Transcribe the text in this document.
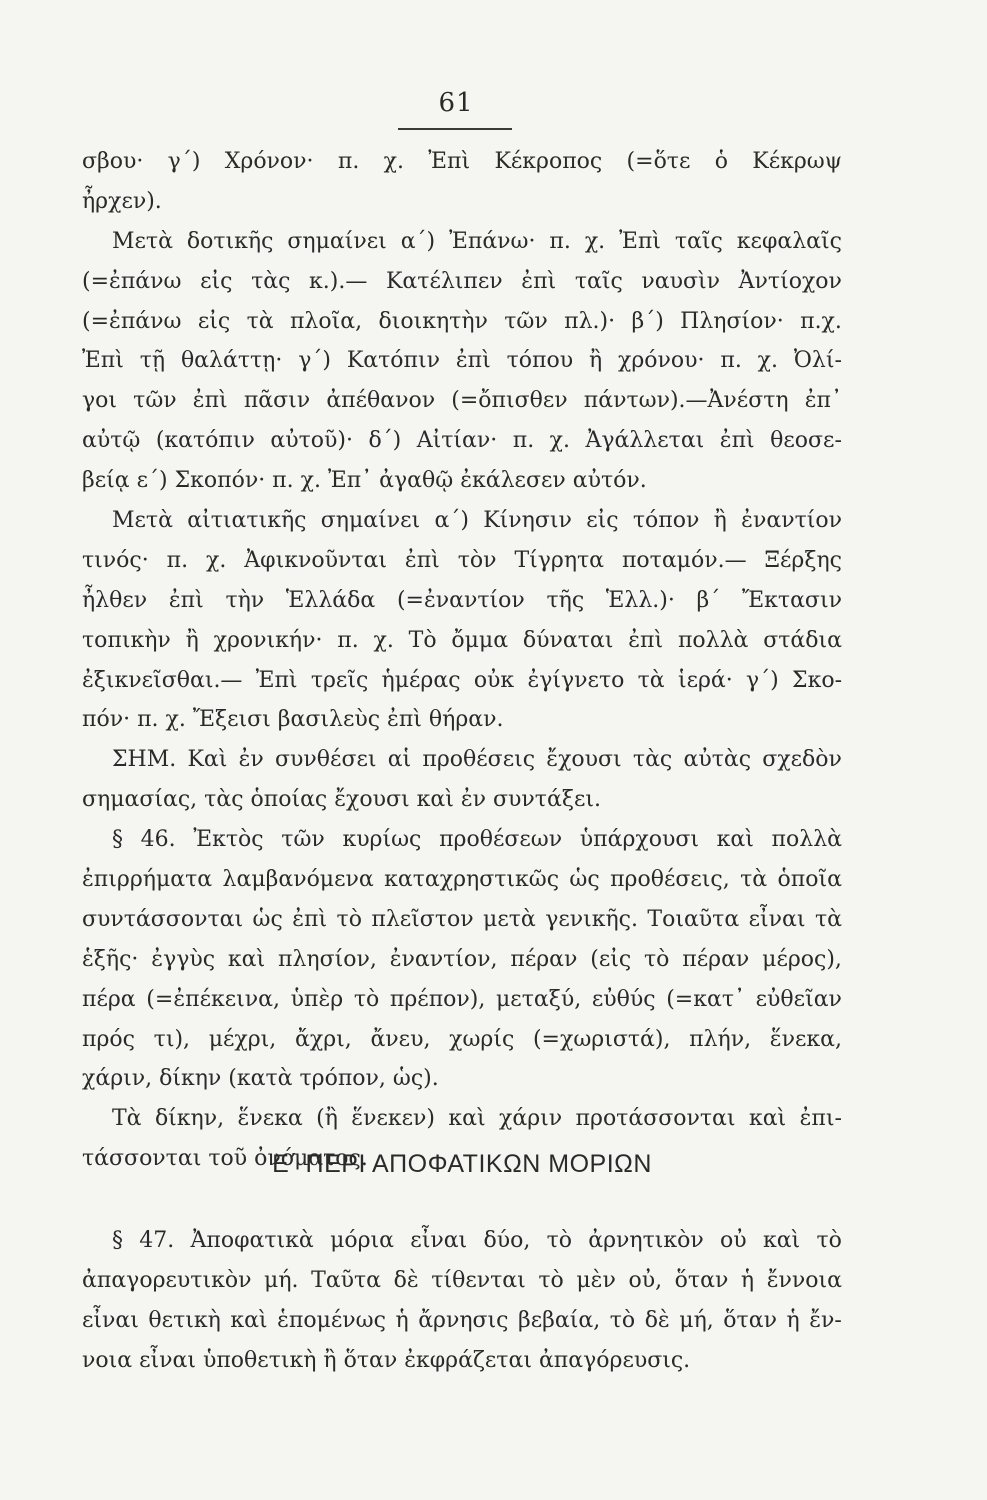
61
σβου· γ΄) Χρόνον· π. χ. Ἐπὶ Κέκροπος (=ὅτε ὁ Κέκρωψ
ἦρχεν).
Μετὰ δοτικῆς σημαίνει α΄) Ἐπάνω· π. χ. Ἐπὶ ταῖς κεφαλαῖς
(=ἐπάνω εἰς τὰς κ.).— Κατέλιπεν ἐπὶ ταῖς ναυσὶν Ἀντίοχον
(=ἐπάνω εἰς τὰ πλοῖα, διοικητὴν τῶν πλ.)· β΄) Πλησίον· π.χ.
Ἐπὶ τῇ θαλάττῃ· γ΄) Κατόπιν ἐπὶ τόπου ἢ χρόνου· π. χ. Ὀλί-
γοι τῶν ἐπὶ πᾶσιν ἀπέθανον (=ὄπισθεν πάντων).—Ἀνέστη ἐπ᾽
αὐτῷ (κατόπιν αὐτοῦ)· δ΄) Αἰτίαν· π. χ. Ἀγάλλεται ἐπὶ θεοσε-
βείᾳ ε΄) Σκοπόν· π. χ. Ἐπ᾽ ἀγαθῷ ἐκάλεσεν αὐτόν.
Μετὰ αἰτιατικῆς σημαίνει α΄) Κίνησιν εἰς τόπον ἢ ἐναντίον
τινός· π. χ. Ἀφικνοῦνται ἐπὶ τὸν Τίγρητα ποταμόν.— Ξέρξης
ἦλθεν ἐπὶ τὴν Ἑλλάδα (=ἐναντίον τῆς Ἑλλ.)· β΄ Ἔκτασιν
τοπικὴν ἢ χρονικήν· π. χ. Τὸ ὄμμα δύναται ἐπὶ πολλὰ στάδια
ἐξικνεῖσθαι.— Ἐπὶ τρεῖς ἡμέρας οὐκ ἐγίγνετο τὰ ἱερά· γ΄) Σκο-
πόν· π. χ. Ἔξεισι βασιλεὺς ἐπὶ θήραν.
ΣΗΜ. Καὶ ἐν συνθέσει αἱ προθέσεις ἔχουσι τὰς αὐτὰς σχεδὸν
σημασίας, τὰς ὁποίας ἔχουσι καὶ ἐν συντάξει.
§ 46. Ἐκτὸς τῶν κυρίως προθέσεων ὑπάρχουσι καὶ πολλὰ
ἐπιρρήματα λαμβανόμενα καταχρηστικῶς ὡς προθέσεις, τὰ ὁποῖα
συντάσσονται ὡς ἐπὶ τὸ πλεῖστον μετὰ γενικῆς. Τοιαῦτα εἶναι τὰ
ἑξῆς· ἐγγὺς καὶ πλησίον, ἐναντίον, πέραν (εἰς τὸ πέραν μέρος),
πέρα (=ἐπέκεινα, ὑπὲρ τὸ πρέπον), μεταξύ, εὐθύς (=κατ᾽ εὐθεῖαν
πρός τι), μέχρι, ἄχρι, ἄνευ, χωρίς (=χωριστά), πλήν, ἕνεκα,
χάριν, δίκην (κατὰ τρόπον, ὡς).
Τὰ δίκην, ἕνεκα (ἢ ἕνεκεν) καὶ χάριν προτάσσονται καὶ ἐπι-
τάσσονται τοῦ ὀνόματος.
Ε΄ ΠΕΡΙ ΑΠΟΦΑΤΙΚΩΝ ΜΟΡΙΩΝ
§ 47. Ἀποφατικὰ μόρια εἶναι δύο, τὸ ἀρνητικὸν οὐ καὶ τὸ
ἀπαγορευτικὸν μή. Ταῦτα δὲ τίθενται τὸ μὲν οὐ, ὅταν ἡ ἔννοια
εἶναι θετικὴ καὶ ἑπομένως ἡ ἄρνησις βεβαία, τὸ δὲ μή, ὅταν ἡ ἔν-
νοια εἶναι ὑποθετικὴ ἢ ὅταν ἐκφράζεται ἀπαγόρευσις.
